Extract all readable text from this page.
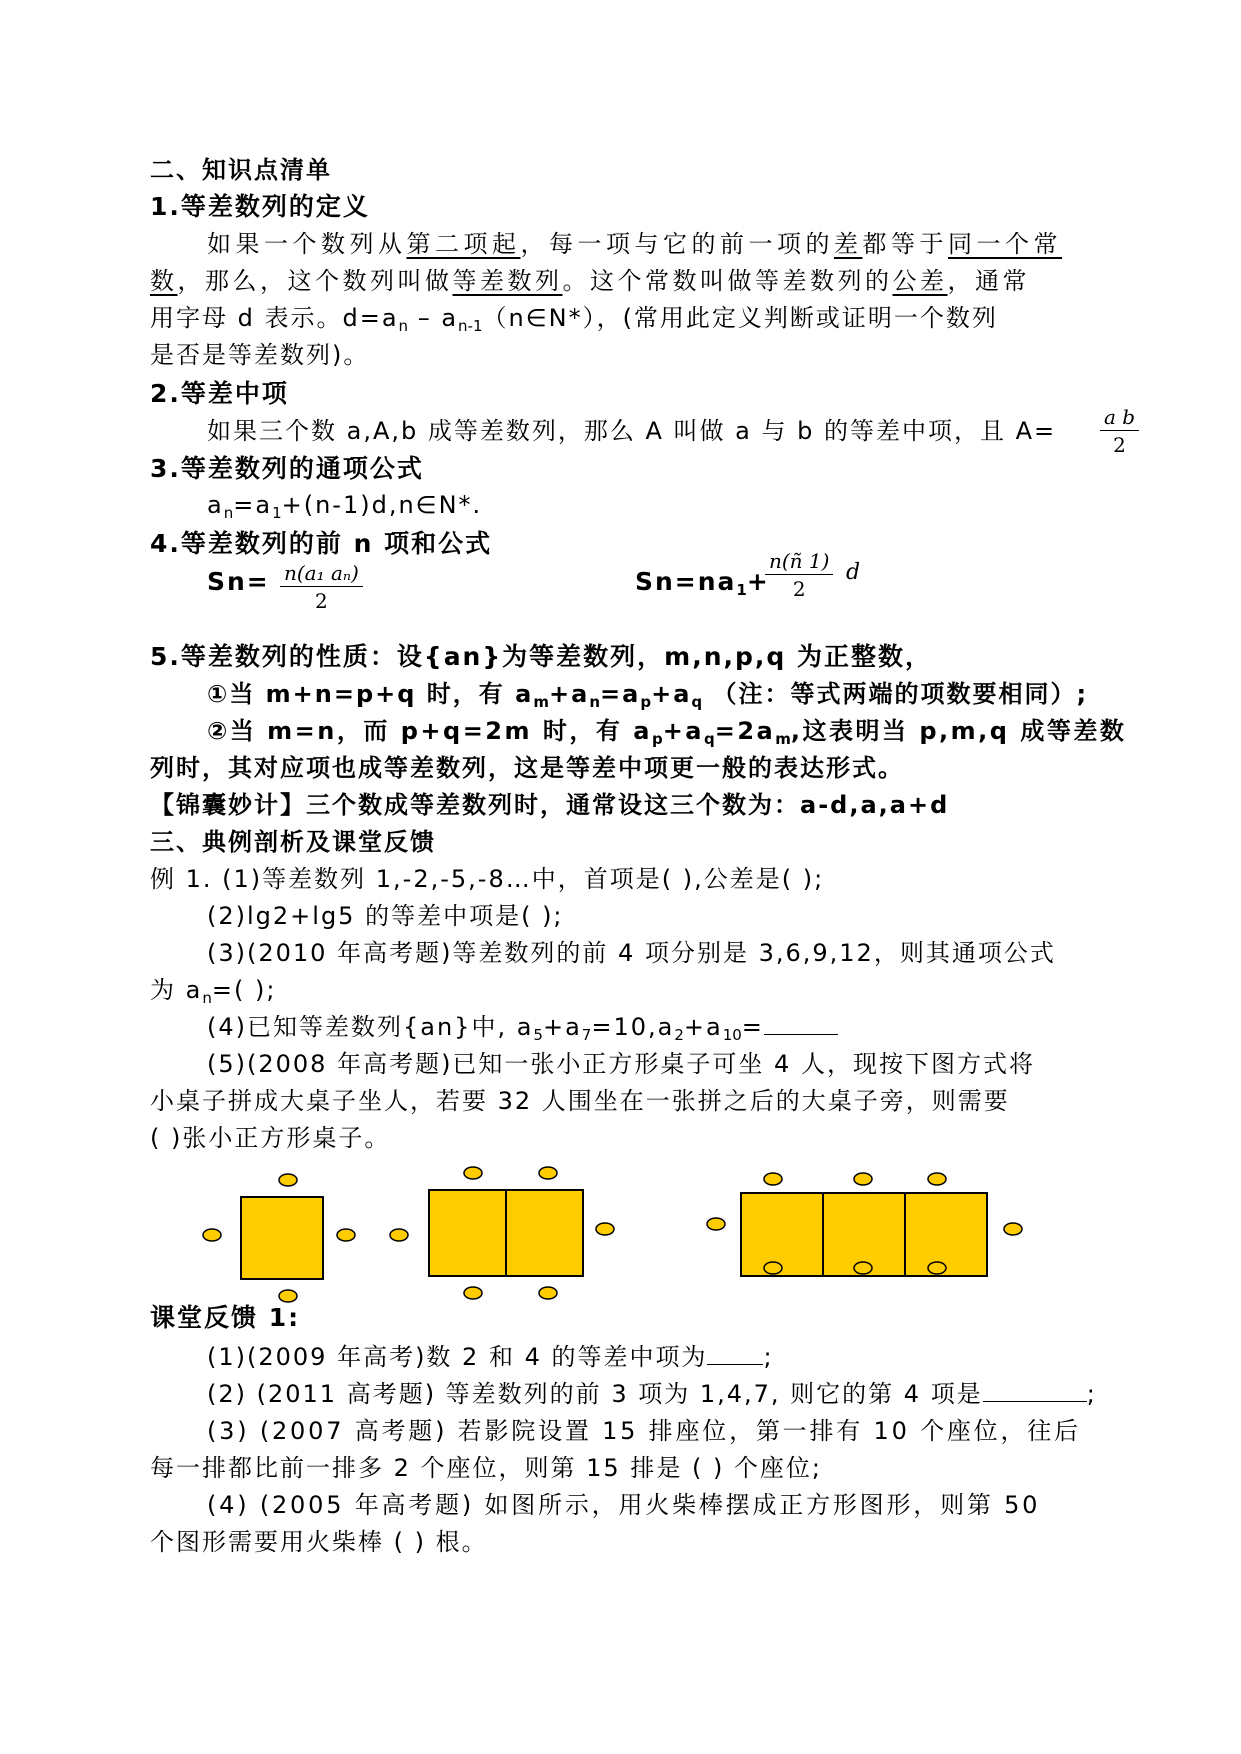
二、知识点清单
1.等差数列的定义
如果一个数列从第二项起，每一项与它的前一项的差都等于同一个常
数，那么，这个数列叫做等差数列。这个常数叫做等差数列的公差，通常
用字母 d 表示。$d=a_n$ – $a_{n-1}(n\in N*)$，(常用此定义判断或证明一个数列
是否是等差数列)。
2.等差中项
如果三个数 a,A,b 成等差数列，那么 A 叫做 a 与 b 的等差中项，且 $A= \frac{\text{a b}}{2}$
3.等差数列的通项公式
$a_n=a_1+(n-1)d,n\in N*$.
4.等差数列的前 n 项和公式
$Sn= \frac{\text{n(a₁ aₙ)}}{2}$	$Sn=na_1+$
$\frac{n(ñ 1)}{2}$ d
5.等差数列的性质：设{an}为等差数列，m,n,p,q 为正整数，
①当 m+n=p+q 时，有 $a_m+a_n=a_p+a_q$ （注：等式两端的项数要相同）;
②当 m=n，而 p+q=2m 时，有 $a_p+a_q=2a_m$,这表明当 p,m,q 成等差数
列时，其对应项也成等差数列，这是等差中项更一般的表达形式。
【锦囊妙计】三个数成等差数列时，通常设这三个数为：a-d,a,a+d
三、典例剖析及课堂反馈
例 1. (1)等差数列 1,-2,-5,-8…中，首项是( ),公差是( );
(2)lg2+lg5 的等差中项是( );
(3)(2010 年高考题)等差数列的前 4 项分别是 3,6,9,12，则其通项公式
为 $a_n=$( );
(4)已知等差数列{an}中, $a_5+a_7=10,a_2+a_{10}=$
(5)(2008 年高考题)已知一张小正方形桌子可坐 4 人，现按下图方式将
小桌子拼成大桌子坐人，若要 32 人围坐在一张拼之后的大桌子旁，则需要
( )张小正方形桌子。
课堂反馈 1:
(1)(2009 年高考)数 2 和 4 的等差中项为 ;
(2) (2011 高考题) 等差数列的前 3 项为 1,4,7, 则它的第 4 项是	;
(3) (2007 高考题) 若影院设置 15 排座位，第一排有 10 个座位，往后
每一排都比前一排多 2 个座位，则第 15 排是 ( ) 个座位;
(4) (2005 年高考题) 如图所示，用火柴棒摆成正方形图形，则第 50
个图形需要用火柴棒 ( ) 根。
